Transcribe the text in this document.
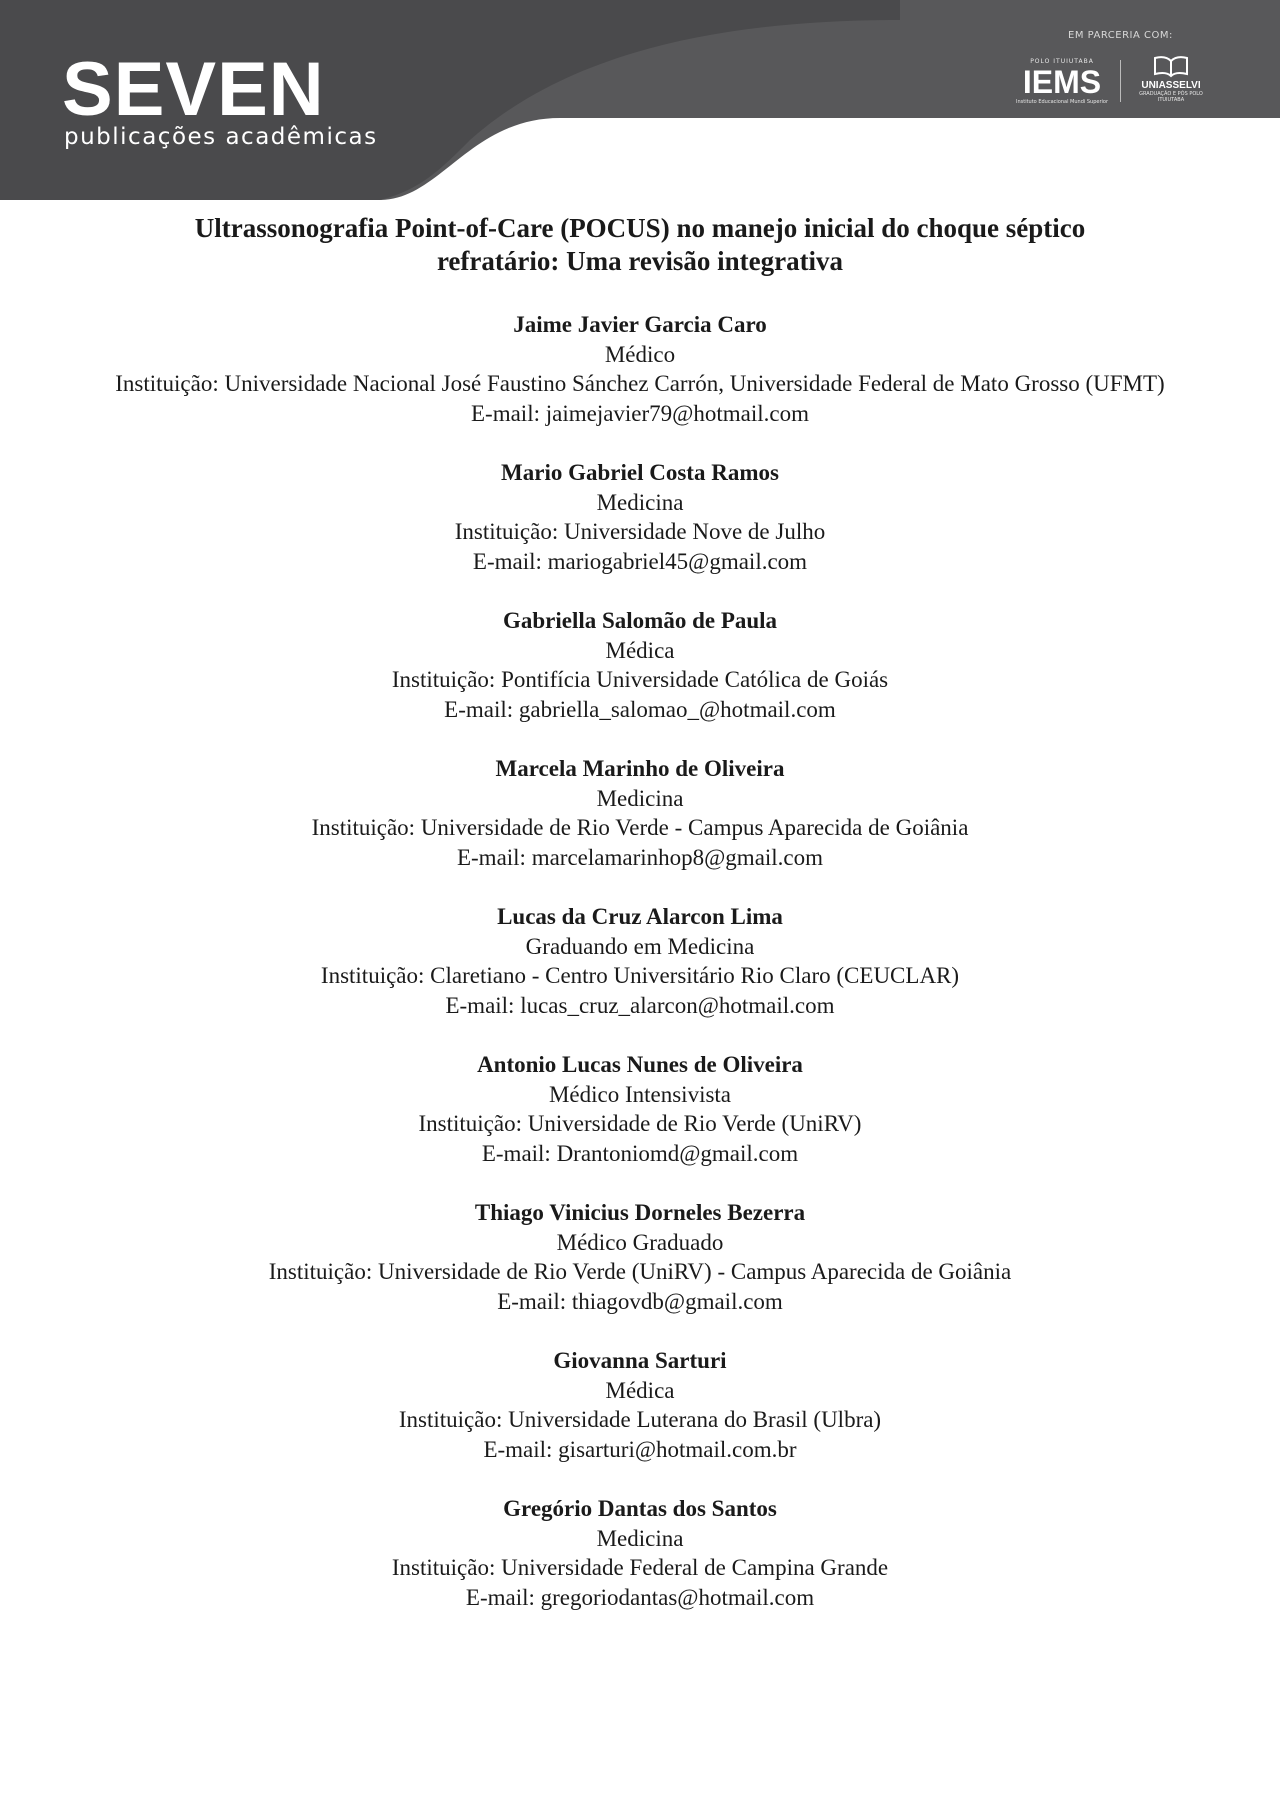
SEVEN
publicações acadêmicas
EM PARCERIA COM:
POLO ITUIUTABA
IEMS
Instituto Educacional Mundi Superior
UNIASSELVI
GRADUAÇÃO E PÓS POLO ITUIUTABA
Ultrassonografia Point-of-Care (POCUS) no manejo inicial do choque séptico
refratário: Uma revisão integrativa
Jaime Javier Garcia Caro
Médico
Instituição: Universidade Nacional José Faustino Sánchez Carrón, Universidade Federal de Mato Grosso (UFMT)
E-mail: jaimejavier79@hotmail.com
Mario Gabriel Costa Ramos
Medicina
Instituição: Universidade Nove de Julho
E-mail: mariogabriel45@gmail.com
Gabriella Salomão de Paula
Médica
Instituição: Pontifícia Universidade Católica de Goiás
E-mail: gabriella_salomao_@hotmail.com
Marcela Marinho de Oliveira
Medicina
Instituição: Universidade de Rio Verde - Campus Aparecida de Goiânia
E-mail: marcelamarinhop8@gmail.com
Lucas da Cruz Alarcon Lima
Graduando em Medicina
Instituição: Claretiano - Centro Universitário Rio Claro (CEUCLAR)
E-mail: lucas_cruz_alarcon@hotmail.com
Antonio Lucas Nunes de Oliveira
Médico Intensivista
Instituição: Universidade de Rio Verde (UniRV)
E-mail: Drantoniomd@gmail.com
Thiago Vinicius Dorneles Bezerra
Médico Graduado
Instituição: Universidade de Rio Verde (UniRV) - Campus Aparecida de Goiânia
E-mail: thiagovdb@gmail.com
Giovanna Sarturi
Médica
Instituição: Universidade Luterana do Brasil (Ulbra)
E-mail: gisarturi@hotmail.com.br
Gregório Dantas dos Santos
Medicina
Instituição: Universidade Federal de Campina Grande
E-mail: gregoriodantas@hotmail.com
